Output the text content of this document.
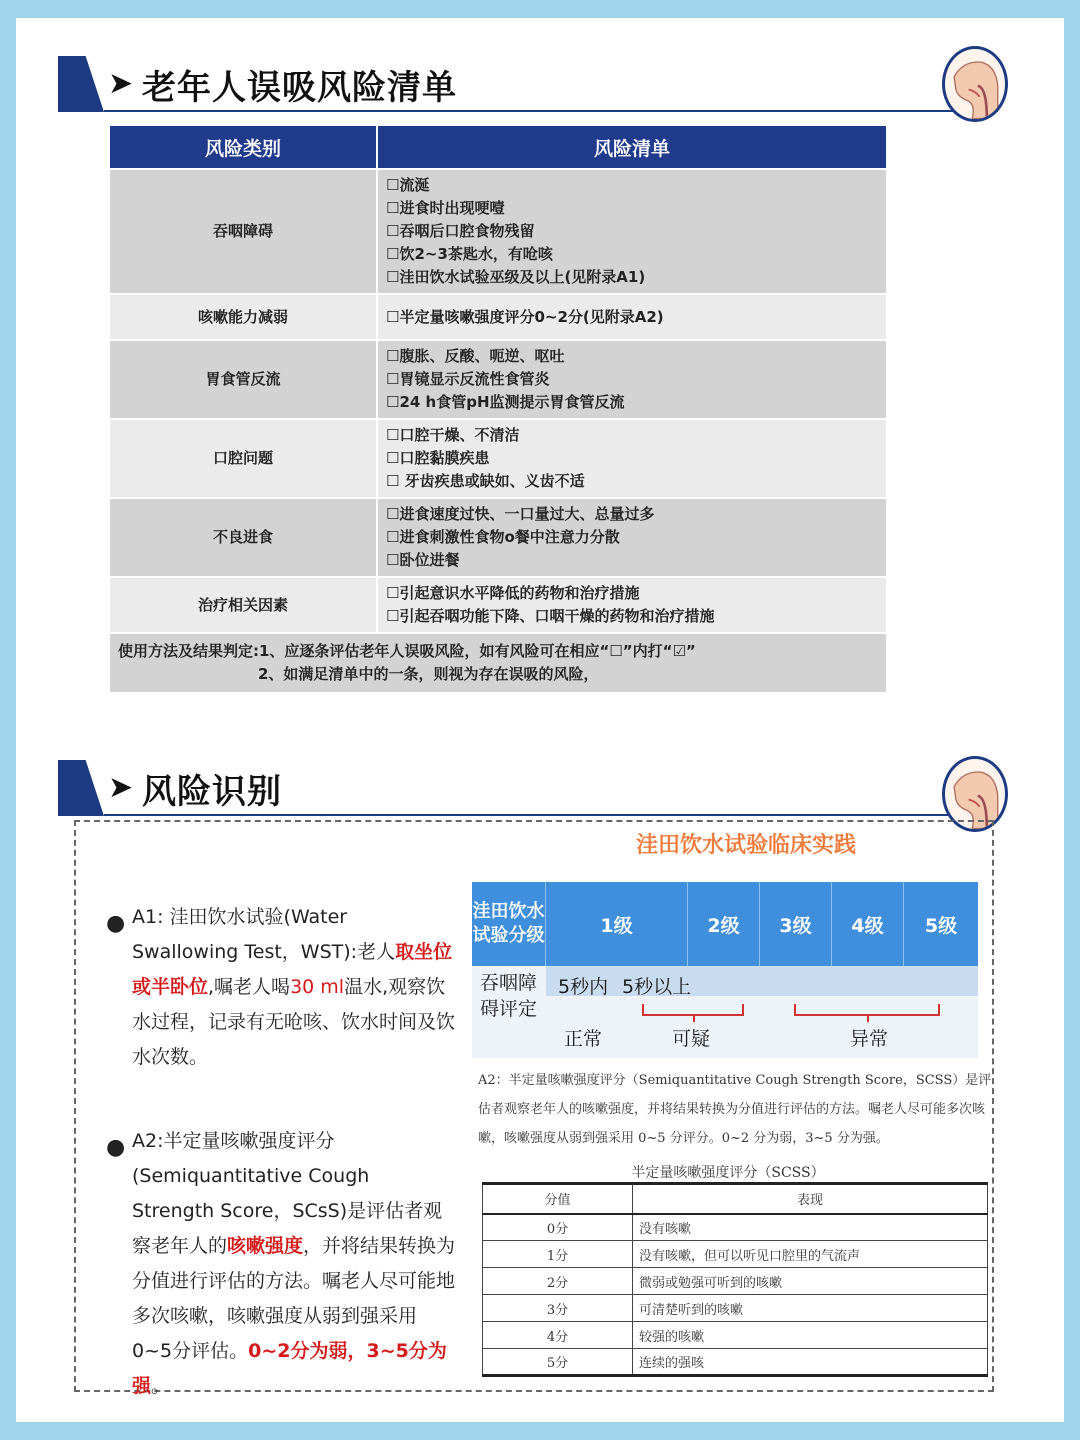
➤ 老年人误吸风险清单
风险类别	风险清单
吞咽障碍	☐流涎
☐进食时出现哽噎
☐吞咽后口腔食物残留
☐饮2~3茶匙水，有呛咳
☐洼田饮水试验巫级及以上(见附录A1)

咳嗽能力减弱	☐半定量咳嗽强度评分0~2分(见附录A2)

胃食管反流	☐腹胀、反酸、呃逆、呕吐
☐胃镜显示反流性食管炎
☐24 h食管pH监测提示胃食管反流

口腔问题	☐口腔干燥、不清洁
☐口腔黏膜疾患
☐ 牙齿疾患或缺如、义齿不适

不良进食	☐进食速度过快、一口量过大、总量过多
☐进食刺激性食物o餐中注意力分散
☐卧位进餐

治疗相关因素	☐引起意识水平降低的药物和治疗措施
☐引起吞咽功能下降、口咽干燥的药物和治疗措施

使用方法及结果判定:1、应逐条评估老年人误吸风险，如有风险可在相应“☐”内打“☑”
2、如满足清单中的一条，则视为存在误吸的风险，	
➤ 风险识别
洼田饮水试验临床实践
● A1: 洼田饮水试验(Water Swallowing Test，WST):老人取坐位或半卧位,嘱老人喝30 ml温水,观察饮水过程，记录有无呛咳、饮水时间及饮水次数。
● A2:半定量咳嗽强度评分(Semiquantitative Cough Strength Score，SCsS)是评估者观察老年人的咳嗽强度，并将结果转换为分值进行评估的方法。嘱老人尽可能地多次咳嗽，咳嗽强度从弱到强采用0~5分评估。0~2分为弱，3~5分为强。
洼田饮水试验分级	1级	2级	3级	4级	5级
吞咽障碍评定
5秒内 5秒以上
正常	可疑	异常
A2：半定量咳嗽强度评分（Semiquantitative Cough Strength Score，SCSS）是评估者观察老年人的咳嗽强度，并将结果转换为分值进行评估的方法。嘱老人尽可能多次咳嗽，咳嗽强度从弱到强采用 0~5 分评分。0~2 分为弱，3~5 分为强。
半定量咳嗽强度评分（SCSS）
分值	表现
0分	没有咳嗽
1分	没有咳嗽，但可以听见口腔里的气流声
2分	微弱或勉强可听到的咳嗽
3分	可清楚听到的咳嗽
4分	较强的咳嗽
5分	连续的强咳
